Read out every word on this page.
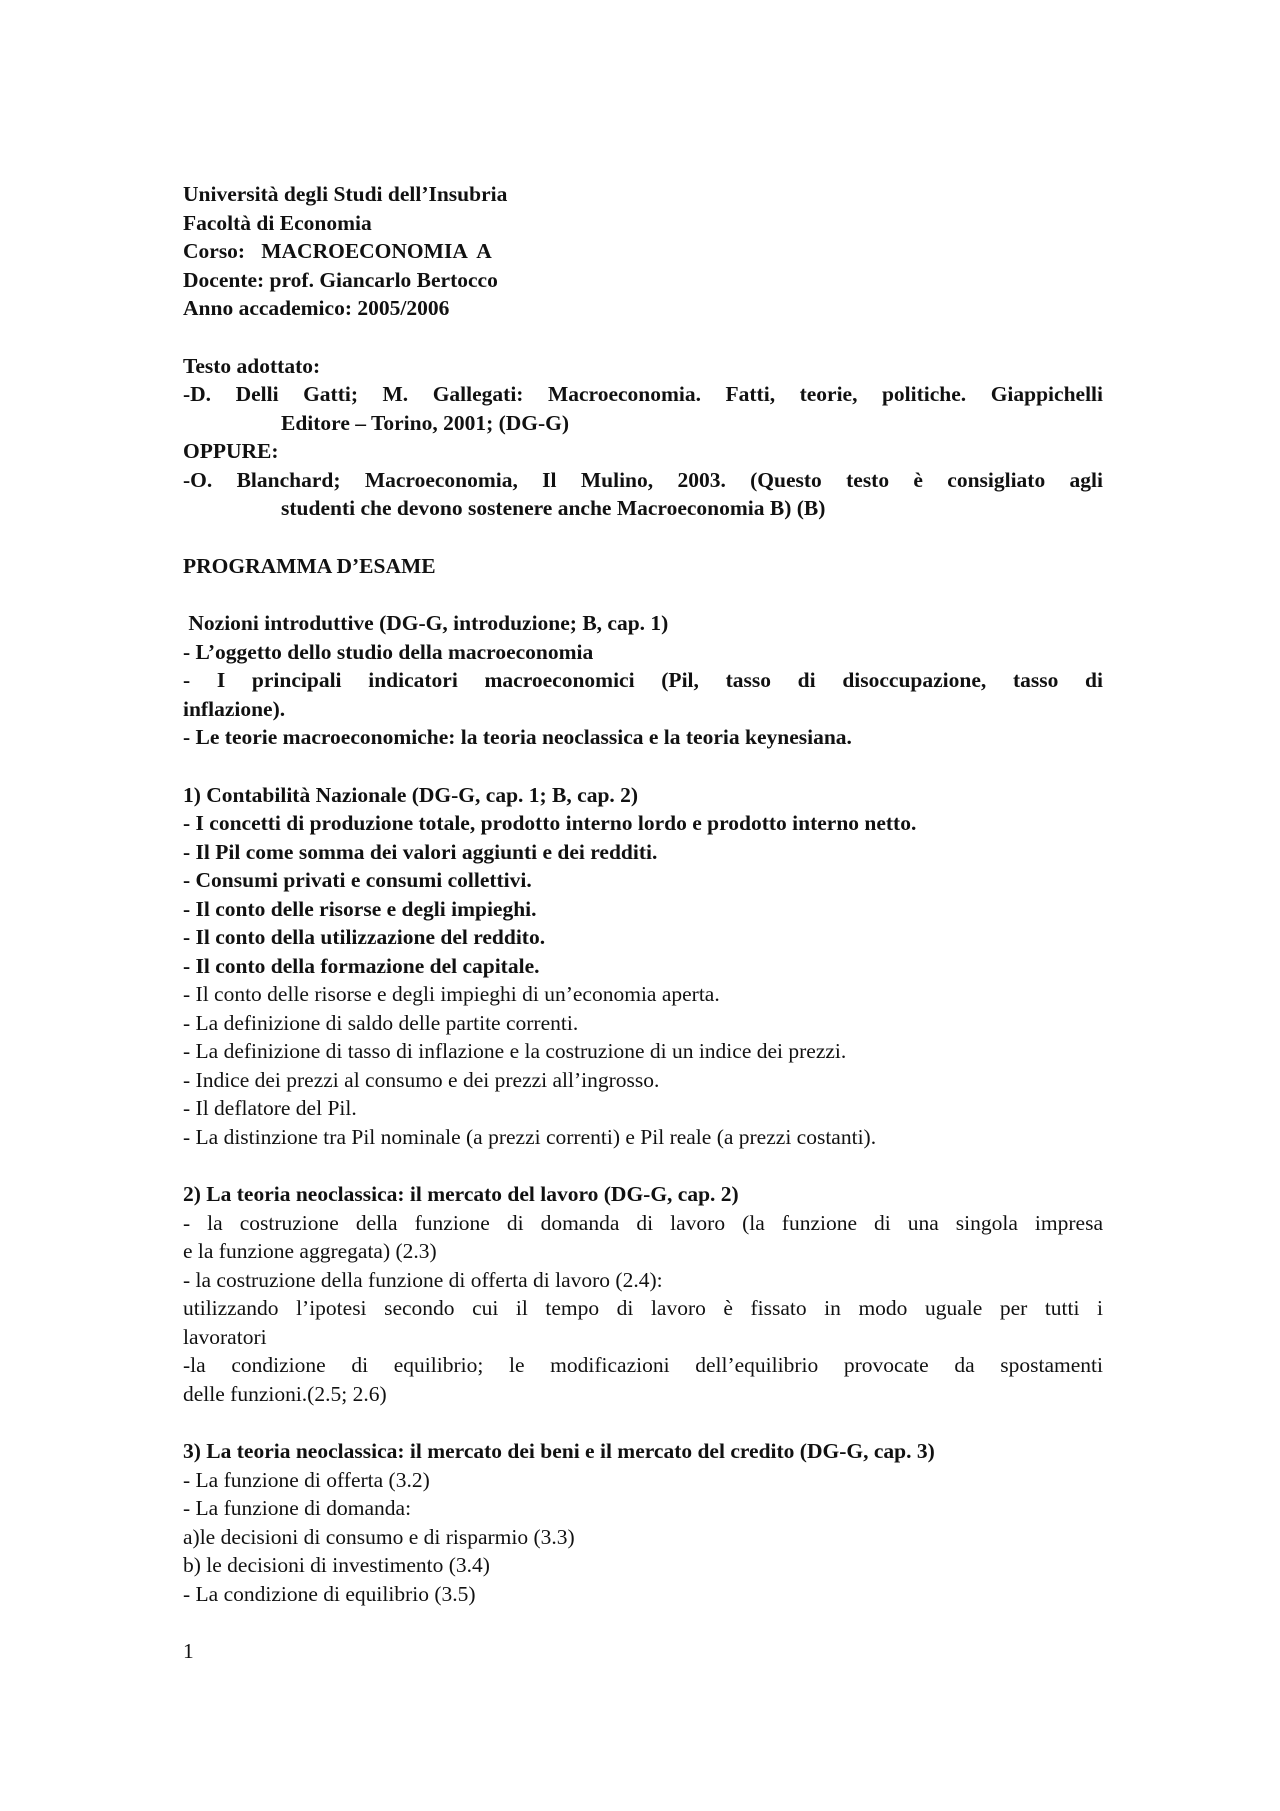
Università degli Studi dell’Insubria

Facoltà di Economia

Corso:   MACROECONOMIA  A

Docente: prof. Giancarlo Bertocco

Anno accademico: 2005/2006

Testo adottato:

-D. Delli Gatti; M. Gallegati: Macroeconomia. Fatti, teorie, politiche. Giappichelli

Editore – Torino, 2001; (DG-G)

OPPURE:

-O. Blanchard; Macroeconomia, Il Mulino, 2003. (Questo testo è consigliato agli

studenti che devono sostenere anche Macroeconomia B) (B)

PROGRAMMA D’ESAME

Nozioni introduttive (DG-G, introduzione; B, cap. 1)

- L’oggetto dello studio della macroeconomia

- I principali indicatori macroeconomici (Pil, tasso di disoccupazione, tasso di

inflazione).

- Le teorie macroeconomiche: la teoria neoclassica e la teoria keynesiana.

1) Contabilità Nazionale (DG-G, cap. 1; B, cap. 2)

- I concetti di produzione totale, prodotto interno lordo e prodotto interno netto.

- Il Pil come somma dei valori aggiunti e dei redditi.

- Consumi privati e consumi collettivi.

- Il conto delle risorse e degli impieghi.

- Il conto della utilizzazione del reddito.

- Il conto della formazione del capitale.

- Il conto delle risorse e degli impieghi di un’economia aperta.

- La definizione di saldo delle partite correnti.

- La definizione di tasso di inflazione e la costruzione di un indice dei prezzi.

- Indice dei prezzi al consumo e dei prezzi all’ingrosso.

- Il deflatore del Pil.

- La distinzione tra Pil nominale (a prezzi correnti) e Pil reale (a prezzi costanti).

2) La teoria neoclassica: il mercato del lavoro (DG-G, cap. 2)

- la costruzione della funzione di domanda di lavoro (la funzione di una singola impresa

e la funzione aggregata) (2.3)

- la costruzione della funzione di offerta di lavoro (2.4):

utilizzando l’ipotesi secondo cui il tempo di lavoro è fissato in modo uguale per tutti i

lavoratori

-la condizione di equilibrio; le modificazioni dell’equilibrio provocate da spostamenti

delle funzioni.(2.5; 2.6)

3) La teoria neoclassica: il mercato dei beni e il mercato del credito (DG-G, cap. 3)

- La funzione di offerta (3.2)

- La funzione di domanda:

a)le decisioni di consumo e di risparmio (3.3)

b) le decisioni di investimento (3.4)

- La condizione di equilibrio (3.5)

1
